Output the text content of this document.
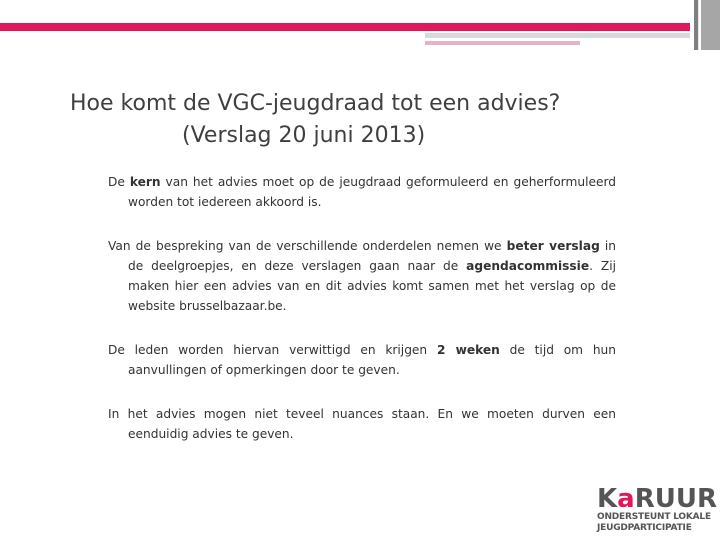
Hoe komt de VGC-jeugdraad tot een advies?
(Verslag 20 juni 2013)

De kern van het advies moet op de jeugdraad geformuleerd en geherformuleerd worden tot iedereen akkoord is.

Van de bespreking van de verschillende onderdelen nemen we beter verslag in de deelgroepjes, en deze verslagen gaan naar de agendacommissie. Zij maken hier een advies van en dit advies komt samen met het verslag op de website brusselbazaar.be.

De leden worden hiervan verwittigd en krijgen 2 weken de tijd om hun aanvullingen of opmerkingen door te geven.

In het advies mogen niet teveel nuances staan. En we moeten durven een eenduidig advies te geven.

KaRUUR
ONDERSTEUNT LOKALE
JEUGDPARTICIPATIE
